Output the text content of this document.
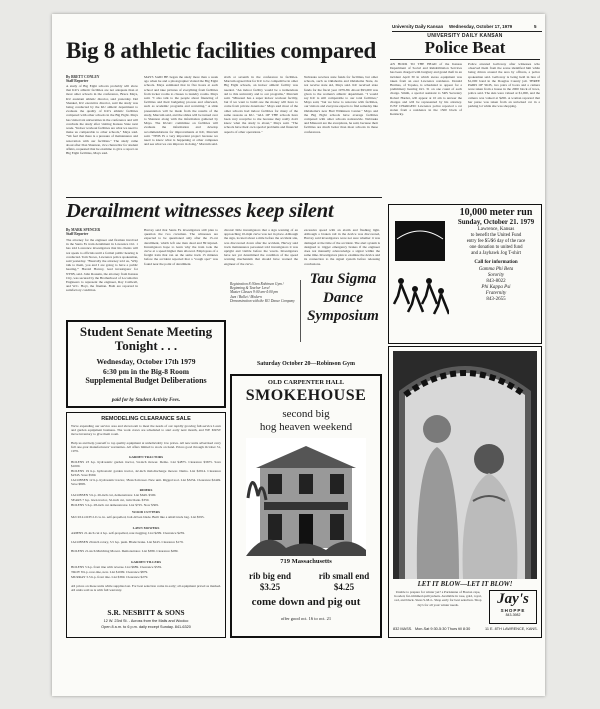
University Daily Kansan Wednesday, October 17, 1979	5
Big 8 athletic facilities compared
By BRETT CONLEY
Staff Reporter
A study of Big Eight schools probably will show that KU's athletic facilities are not adequate than at most other schools in the conference, Bruce Mays, KU assistant athletic director, said yesterday. Del Shankel, KU executive director, said the study was being conducted by the KU athletic department to evaluate the quality of KU's athletic facilities compared with other schools in the Big Eight. Mays has visited six universities in the conference and will conclude the study after visiting Kansas State next week. "Indoor workout facilities are what we need to make us comparable to other schools," Mays said. "We feel that there is a pressure of maintenance and renovation with our facilities." The study came about after Don Shannon, vice chancellor for student affairs, requested that he examine to give a report on Big Eight facilities, Mays said.
MAYS SAID HE began the study more than a week ago when he and a photographer visited the Big Eight schools. Mays estimated that in five hours at each school and take pictures of everything from facilities from locker rooms to classes to laundry rooms. Mays said. "I also talk to the people about financing of facilities and their budgeting process and afterward, such as academic programs and recruiting." A slide presentation will be made from the results of the study, Marcum said, and the slides will be turned over to Shannon along with the information gathered by Mays. The KUAC committee on facilities will evaluate the information and develop recommendations for improvements at KU, Marcum said. "THIS IS a very important project because we need to know what is happening at other campuses and see what we can improve in doing," Marcum said.
sixth or seventh in the conference in facilities. Marcum agreed that for KU to be competitive in other Big Eight schools, an indoor athletic facility was needed. "An indoor facility would be a tremendous aid to this university and to our programs," Marcum said. "Missouri has a super indoor workout facility, but if we want to build one the money will have to come from private donations." Mays said most of the other schools had indoor facilities for many of the same reasons as KU. "ALL OF THE schools have been very receptive to me because they really don't know what the study is about," Mays said. "The schools have their own special problems and financial aspects of other operations."
Nebraska receives state funds for facilities, but other schools, such as Oklahoma and Oklahoma State, do not receive state aid, Mays said. KU received state funds for the fiscal year 1979-80. About $93,000 was given to the women's athletic department. "I would say KU is still comparable to our total facilities," Mays said, "but we have to renovate with facilities, our visitors and everyone expects to find someday like Oklahoma's new Bud Wilkinson Center." Mays and the Big Eight schools have average facilities compared with other schools nationwide. Nebraska and Missouri are the exceptions, he said, because their facilities are much better than most schools in these conferences.
Derailment witnesses keep silent
By MARK SPENCER
Staff Reporter
The attorney for the engineer and fireman involved in the Santa Fe train derailment in Lawrence Oct. 1 has told Lawrence investigators that his clients will not speak to officials until a formal public hearing is conducted. Tom Stowe, Lawrence police spokesman, said yesterday. "Basically the attorney told us, 'Why talk to them, you and I are going to have a public hearing,'" Harold Harvey, lead investigator for NTSB, said. John Roussin, the attorney from Kansas City, was secured by the Brotherhood of Locomotive Engineers to represent the engineer, Ray Caldwell, and W.C. Hoyt, the fireman. Both are reported in satisfactory condition.
Harvey said that Santa Fe investigators still plan to question the two crewmen. The witnesses are expected to be questioned only after the 15-car derailment, which left one man dead and 89 injured. Investigators hope to learn why the train took the curve at a speed higher than allowed. Employees of a freight train that ran on the same track 15 minutes before the accident reported that a "rough spot" was found near the point of derailment.
chronic little investigators that a sign warning of an approaching 10-mph curve was not in place. Although the sign, located about a mile before the accident site, was discovered down after the accident, Harvey said track maintenance personnel told investigators it was upright and visible before the wreck. Investigators have not yet determined the condition of the speed warning mechanism that should have warned the engineer of the curve.
excessive speed with an alarm and flashing light. Although a broken rail in the device was discovered, Harvey said investigators were not sure whether it was damaged at the time of the accident. The alert system is designed to trigger emergency brakes if the engineer does not manually acknowledge a signal within the same time. Investigators plan to examine the device and its connection to the signal system before releasing conclusions.
Student Senate Meeting Tonight . . .
Wednesday, October 17th 1979
6:30 pm in the Big-8 Room
Supplemental Budget Deliberations
paid for by Student Activity Fees.
REMODELING CLEARANCE SALE
We're expanding our service area and showroom to meet the needs of our rapidly growing full-service Lawn and garden equipment business. The work crews are scheduled to start early next month, and WE MUST move inventory to give them room.
Help us and help yourself to top quality equipment at unbelievably low prices. All new units advertised carry full one-year manufacturers' warranties. All offers limited to stock on hand. Prices good through October 31, 1979.
GARDEN TRACTORS
BOLENS 23 h.p. hydrostatic garden tractor, 54-inch mower. Demo. List $4875. Clearance $3675. Save $1000.
BOLENS 19 h.p. hydrostatic garden tractor, 42-inch mid-discharge mower. Demo. List $2914. Clearance $2345. Save $569.
JACOBSEN 12 h.p. hydrostatic tractor, 38-inch mower. New unit. Rigged tool. List $3254. Clearance $2449. Save $805.
RIDERS
JACOBSEN 5 h.p. 26-inch cut, demonstrator. List $649. $500.
SEARS 7 h.p. lawn tractor, 32-inch cut, twin blade. $350.
BOLENS 5 h.p. 28-inch cut demonstrator. List $725. Now $509.
WOOD CUTTERS
McCULLOCH 2.0 cu. in. self-propelled, bolt-driven blade. Built like a small truck bag. List $595.
LAWN MOWERS
ARIENS 21-inch cut 4 h.p. self-propelled, rear-bagging. List $299. Clearance $239.
JACOBSEN 20-inch rotary, 3.5 h.p. push. Blade brake. List $245. Clearance $179.
BOLENS 21-inch Mulching Mower. Demonstrator. List $389. Clearance $289.
GARDEN TILLERS
BOLENS 5 h.p. front tine with reverse. List $689. Clearance $539.
TROY 8 h.p. rear-tine, new. List $1099. Clearance $879.
MURRAY 3.5 h.p. front tine. List $369. Clearance $279.
All prices on these units while supplies last. For best selection come in early; all equipment priced as marked. All units sold as is with full warranty.
S.R. NESBITT & SONS
12 W. 23rd St. - Across from the Malls and Woolco
Open 8 a.m. to 6 p.m. daily except Sunday. 841-6320
Registration 8:30am Robinson Gym / Beginning & Teacher Level
Master Classes 9:00 am-4:00 pm
Jazz / Ballet / Modern
Demonstration with the KU Dance Company
Tau Sigma Dance Symposium
Saturday October 20—Robinson Gym
OLD CARPENTER HALL
SMOKEHOUSE
second big
hog heaven weekend
719 Massachusetts
rib big end
$3.25
rib small end
$4.25
come down and pig out
offer good oct. 16 to oct. 21
UNIVERSITY DAILY KANSAN
Police Beat
AN HOUR TO THE HEAD of the Kansas Department of Social and Rehabilitation Services has been charged with burglary and grand theft in an incident April 30 in which stereo equipment was taken from an east Lawrence residence. Donald Hermes, of Topeka, is scheduled to appear for a preliminary hearing Oct. 31 on one count of each charge. Smith, a special assistant to SRS Secretary Robert Harder, will appear at 10 am to answer the charges and will be represented by his attorney. JUST CHARGED: Lawrence police reported a car stolen from a residence in the 1500 block of Kentucky.
Police arrested Galloway after witnesses who observed them from the scene identified him while being driven around the area by officers, a police spokesman said. Galloway is being held in lieu of $1,000 bond in the Douglas County jail. THREE PAIRS OF SKIS, two pairs of boots and a camera were taken from a house in the 2000 block of Iowa, police said. The skis were valued at $1,000, and the camera was valued at $200. A woman reported that her purse was taken from an unlocked car in a parking lot while she was shopping.
10,000 meter run
Sunday, October 21. 1979
Lawrence, Kansas
to benefit the United Fund
entry fee $5/$6 day of the race
one donation to united fund
and a Jayhawk Jog T-shirt
Call for information
Gamma Phi Beta
Sorority
843-8022
Phi Kappa Psi
Fraternity
843-2655
LET IT BLOW—LET IT BLOW!
Unable to prepare for winter yet? a Parisienne of Boston cape, hooded, fur-trimmed quilt jackets. Available in rose, gold, royal, red, and black. Sizes S-M-L. Shop early for best selection. Shop Jay's for all your winter needs.	Jay's
SHOPPE
843-3982
832 MASS. Mon-Sat 9:30-5:30 Thurs till 8:30	11 E. 8TH LAWRENCE, KANS.
